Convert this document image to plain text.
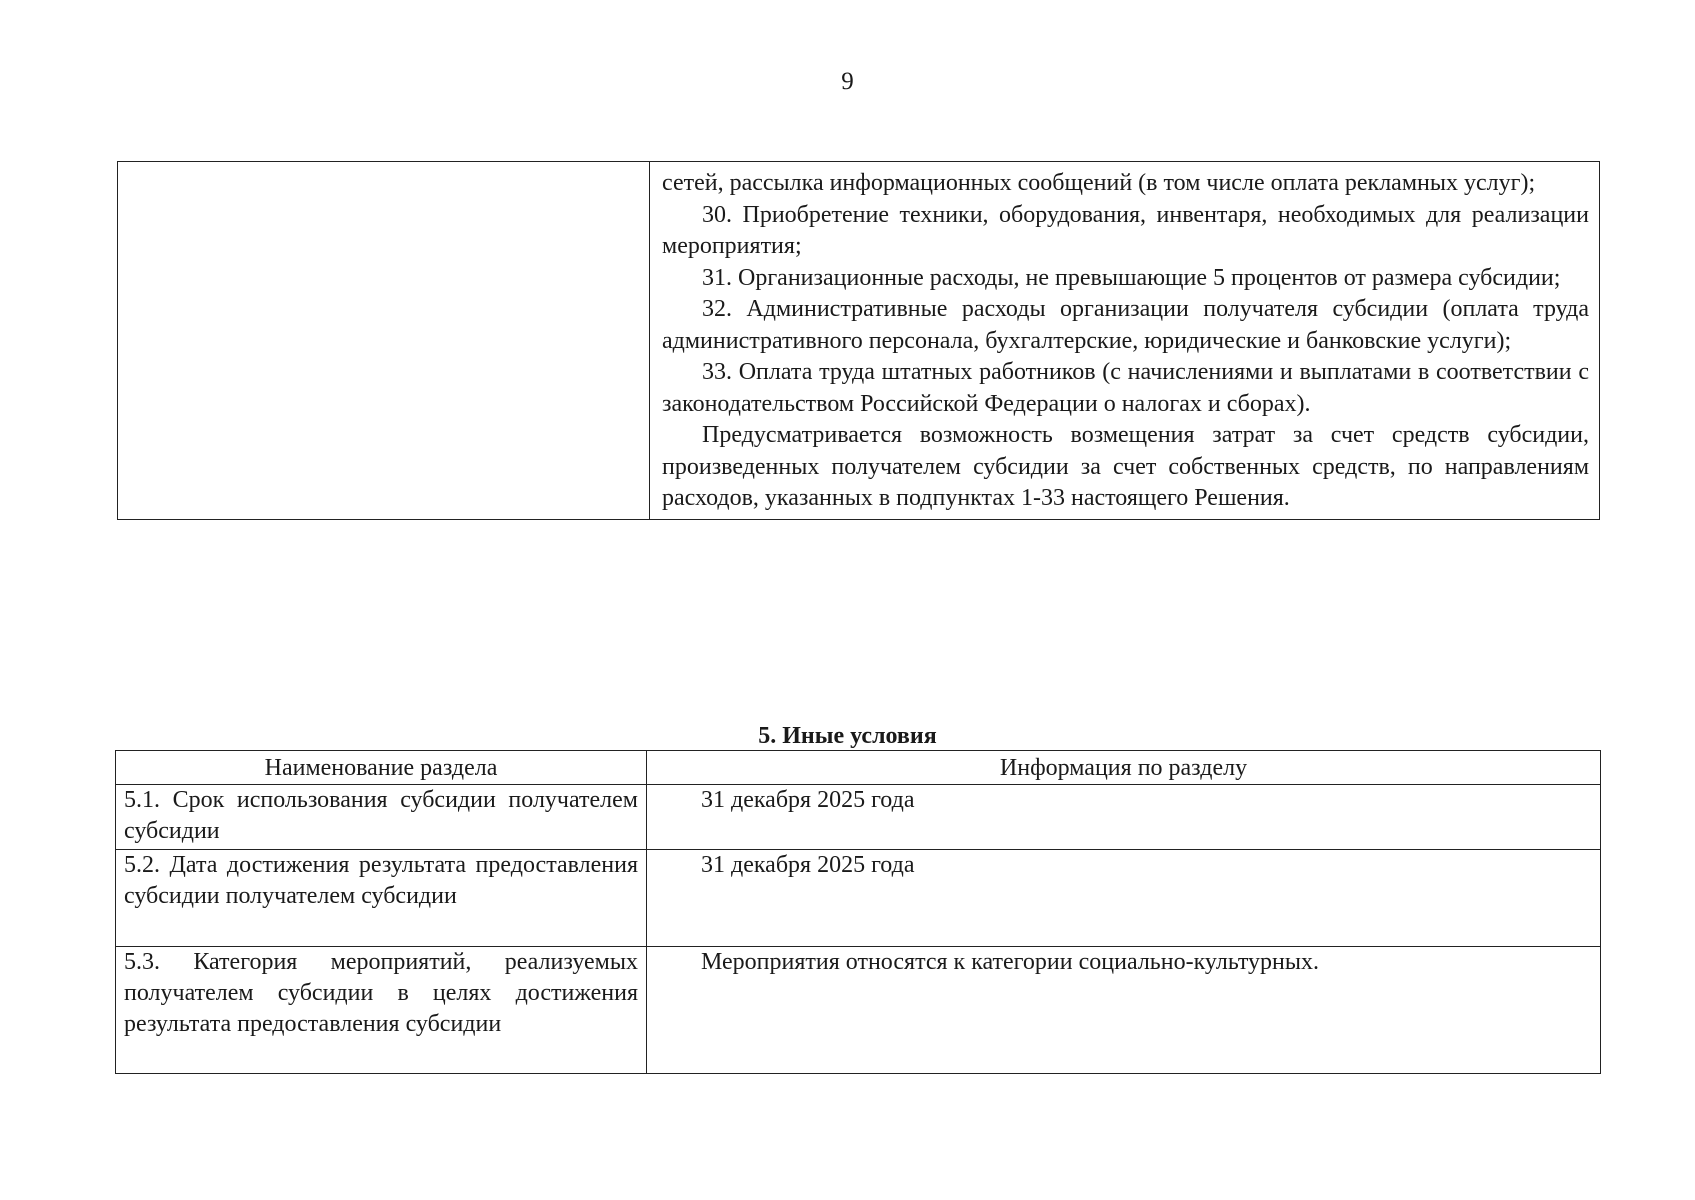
9

сетей, рассылка информационных сообщений (в том числе оплата рекламных услуг);

30. Приобретение техники, оборудования, инвентаря, необходимых для реализации мероприятия;

31. Организационные расходы, не превышающие 5 процентов от размера субсидии;

32. Административные расходы организации получателя субсидии (оплата труда административного персонала, бухгалтерские, юридические и банковские услуги);

33. Оплата труда штатных работников (с начислениями и выплатами в соответствии с законодательством Российской Федерации о налогах и сборах).

Предусматривается возможность возмещения затрат за счет средств субсидии, произведенных получателем субсидии за счет собственных средств, по направлениям расходов, указанных в подпунктах 1-33 настоящего Решения.

5. Иные условия
Наименование раздела	Информация по разделу
5.1. Срок использования субсидии получателем субсидии	31 декабря 2025 года
5.2. Дата достижения результата предоставления субсидии получателем субсидии	31 декабря 2025 года
5.3. Категория мероприятий, реализуемых получателем субсидии в целях достижения результата предоставления субсидии	Мероприятия относятся к категории социально-культурных.
